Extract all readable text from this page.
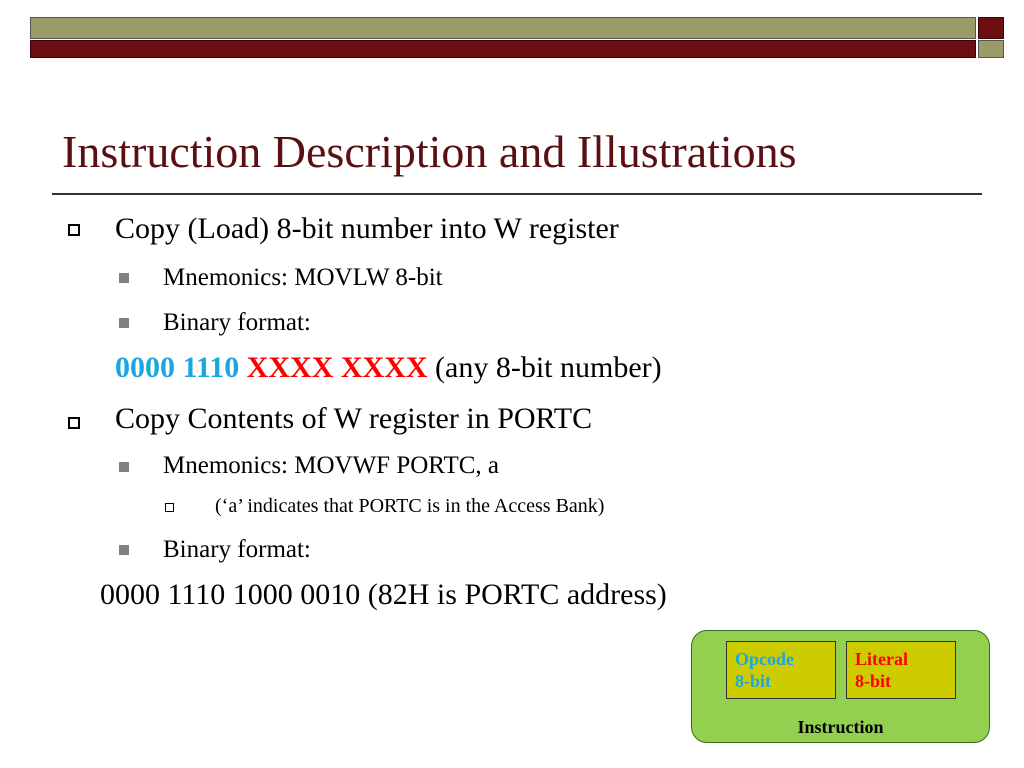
Instruction Description and Illustrations
Copy (Load) 8-bit number into W register
Mnemonics: MOVLW 8-bit
Binary format:
0000 1110 XXXX XXXX (any 8-bit number)
Copy Contents of W register in PORTC
Mnemonics: MOVWF PORTC, a
(‘a’ indicates that PORTC is in the Access Bank)
Binary format:
0000 1110 1000 0010 (82H is PORTC address)
Opcode
8-bit
Literal
8-bit
Instruction
